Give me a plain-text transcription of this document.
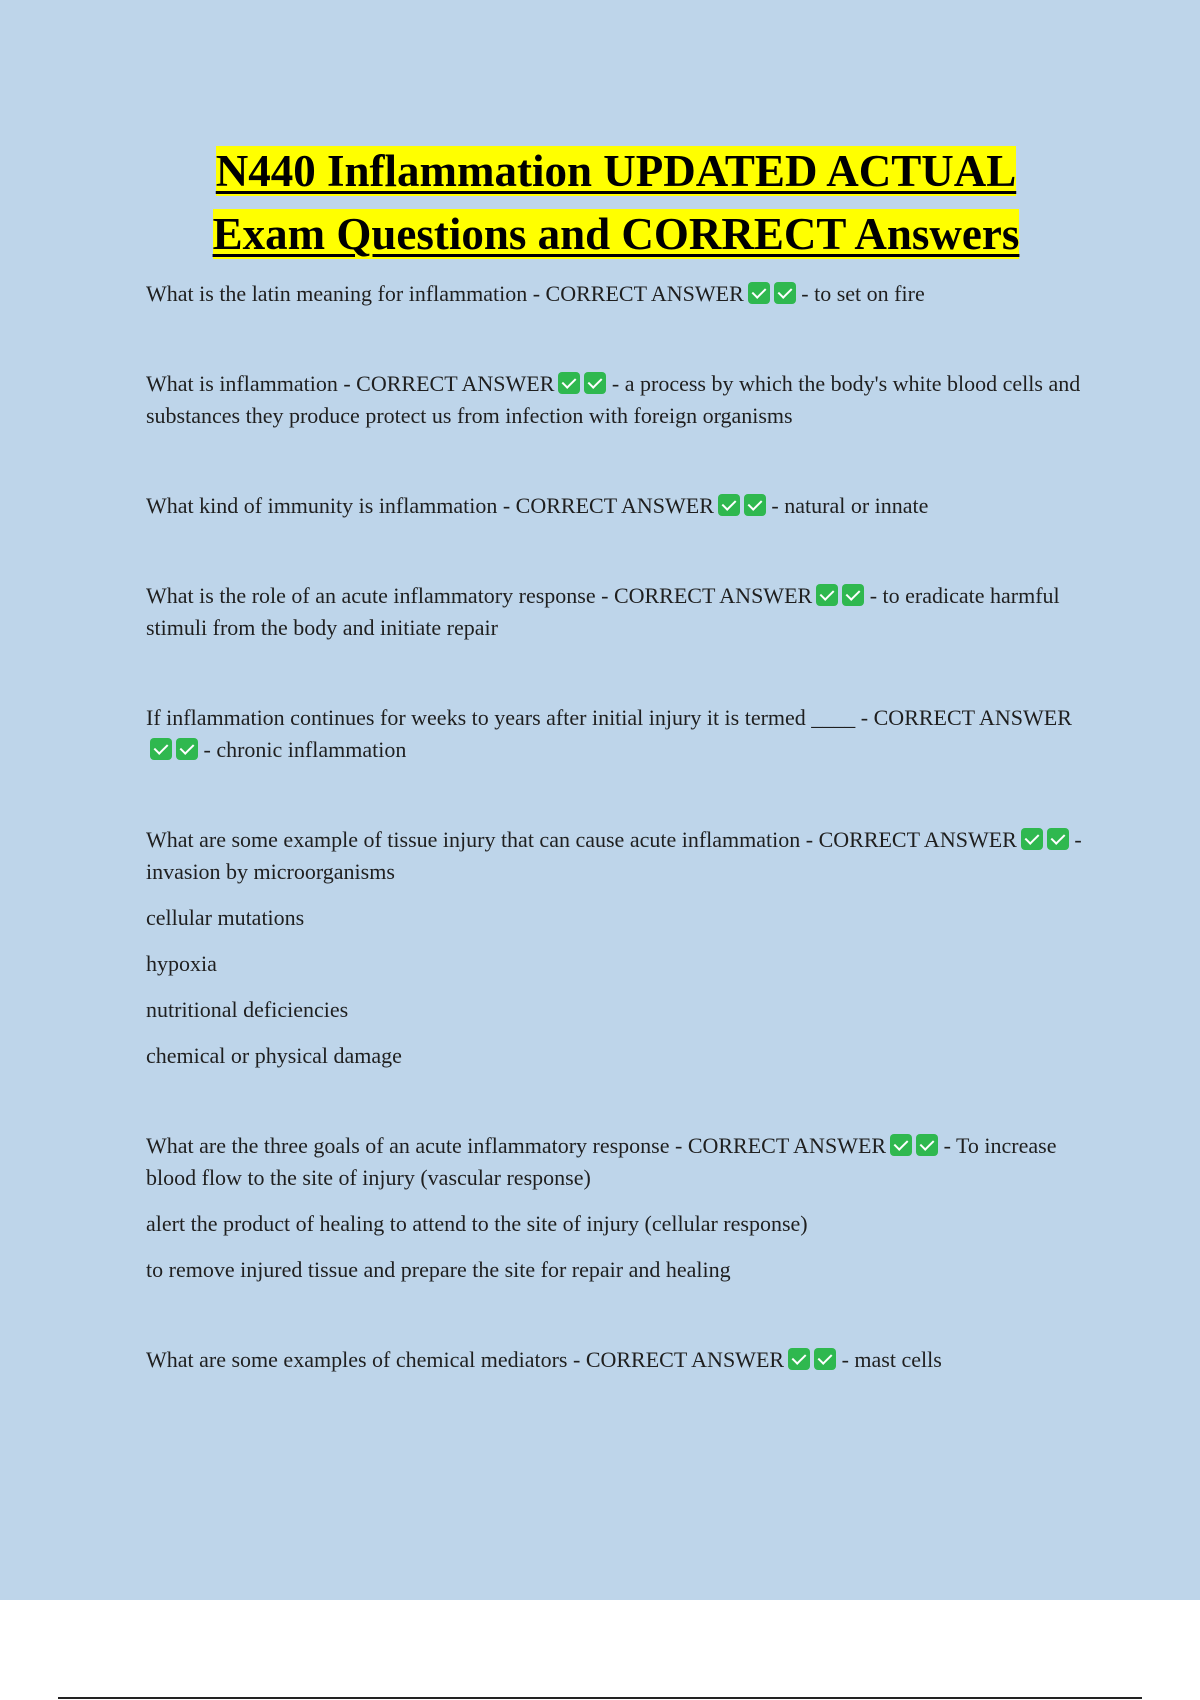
N440 Inflammation UPDATED ACTUAL
Exam Questions and CORRECT Answers

What is the latin meaning for inflammation - CORRECT ANSWER	- to set on fire

What is inflammation - CORRECT ANSWER	- a process by which the body's white blood cells and substances they produce protect us from infection with foreign organisms

What kind of immunity is inflammation - CORRECT ANSWER	- natural or innate

What is the role of an acute inflammatory response - CORRECT ANSWER	- to eradicate harmful stimuli from the body and initiate repair

If inflammation continues for weeks to years after initial injury it is termed ____ - CORRECT ANSWER - chronic inflammation

What are some example of tissue injury that can cause acute inflammation - CORRECT ANSWER	- invasion by microorganisms

cellular mutations

hypoxia

nutritional deficiencies

chemical or physical damage

What are the three goals of an acute inflammatory response - CORRECT ANSWER	- To increase blood flow to the site of injury (vascular response)

alert the product of healing to attend to the site of injury (cellular response)

to remove injured tissue and prepare the site for repair and healing

What are some examples of chemical mediators - CORRECT ANSWER	- mast cells
